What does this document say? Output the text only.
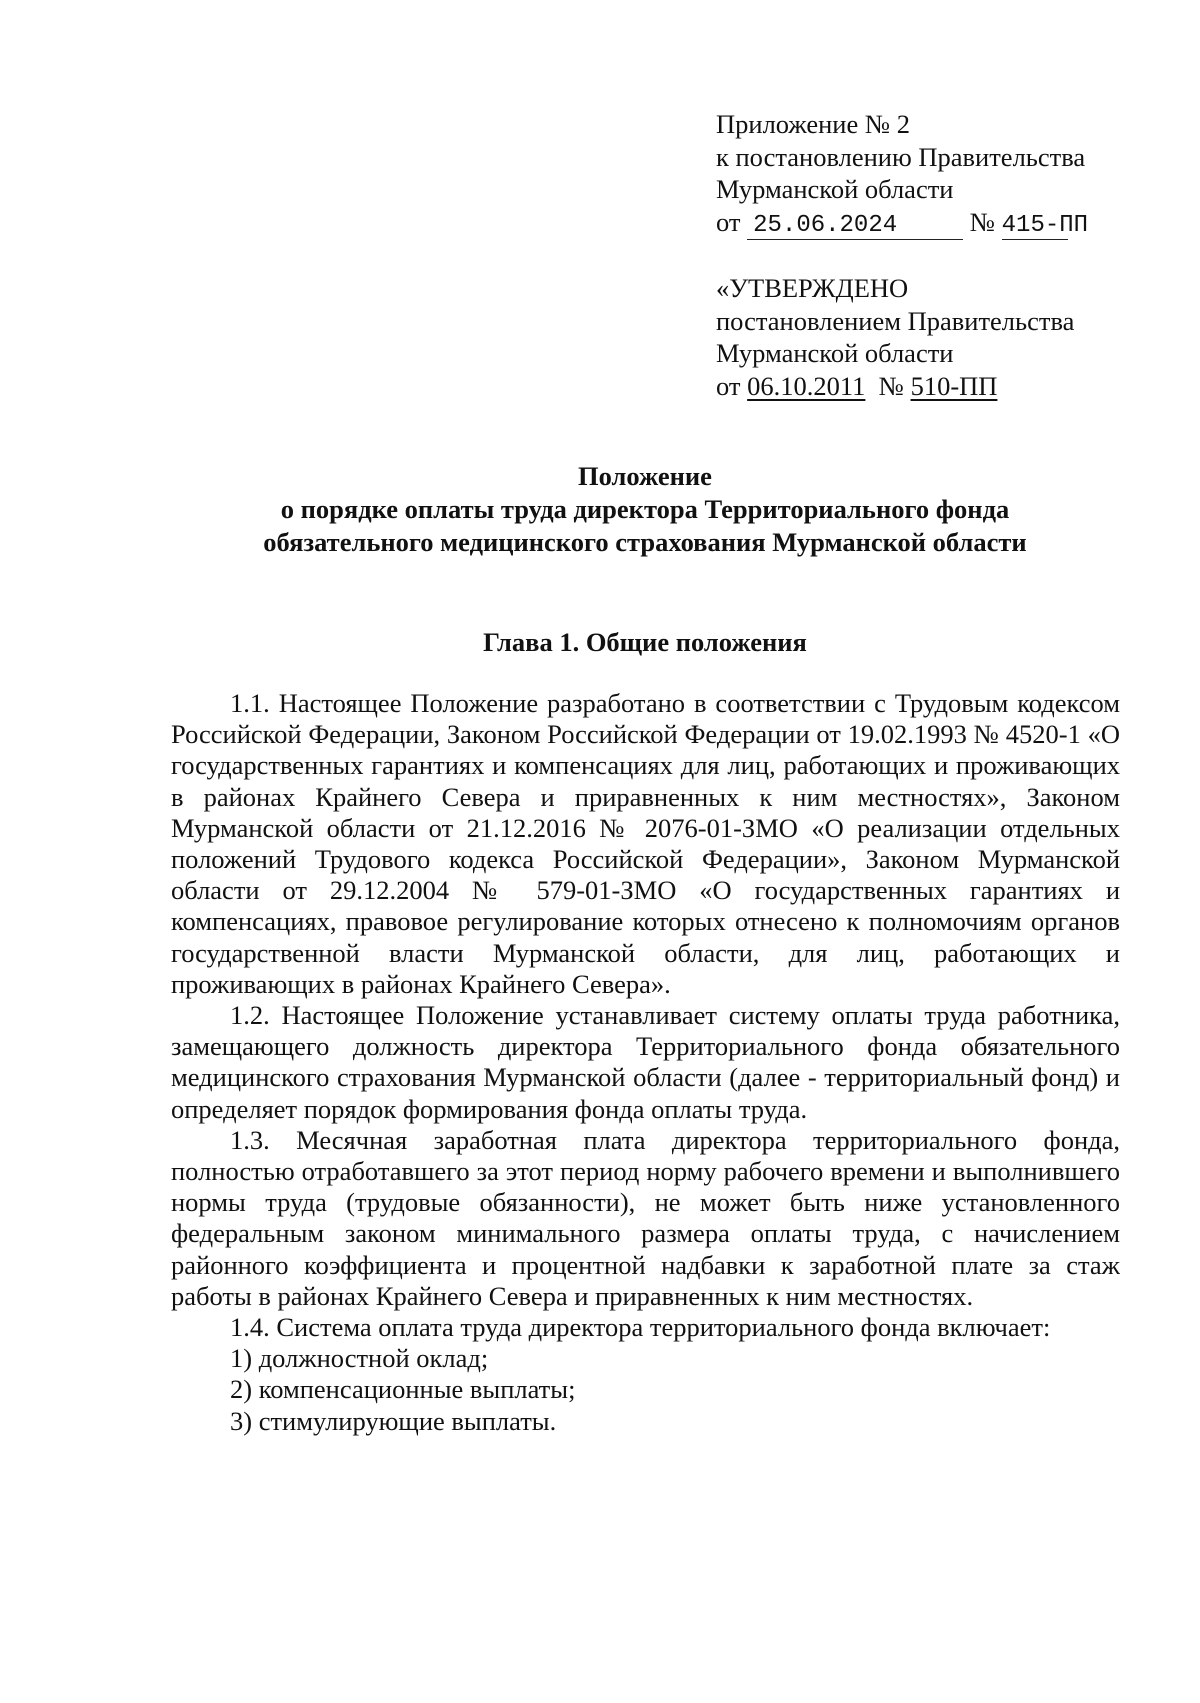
Приложение № 2
к постановлению Правительства
Мурманской области
от 25.06.2024	№ 415-ПП
«УТВЕРЖДЕНО
постановлением Правительства
Мурманской области
от 06.10.2011 № 510-ПП
Положение
о порядке оплаты труда директора Территориального фонда
обязательного медицинского страхования Мурманской области
Глава 1. Общие положения

1.1. Настоящее Положение разработано в соответствии с Трудовым кодексом Российской Федерации, Законом Российской Федерации от 19.02.1993 № 4520-1 «О государственных гарантиях и компенсациях для лиц, работающих и проживающих в районах Крайнего Севера и приравненных к ним местностях», Законом Мурманской области от 21.12.2016 № 2076-01-ЗМО «О реализации отдельных положений Трудового кодекса Российской Федерации», Законом Мурманской области от 29.12.2004 № 579-01-ЗМО «О государственных гарантиях и компенсациях, правовое регулирование которых отнесено к полномочиям органов государственной власти Мурманской области, для лиц, работающих и проживающих в районах Крайнего Севера».

1.2. Настоящее Положение устанавливает систему оплаты труда работника, замещающего должность директора Территориального фонда обязательного медицинского страхования Мурманской области (далее - территориальный фонд) и определяет порядок формирования фонда оплаты труда.

1.3. Месячная заработная плата директора территориального фонда, полностью отработавшего за этот период норму рабочего времени и выполнившего нормы труда (трудовые обязанности), не может быть ниже установленного федеральным законом минимального размера оплаты труда, с начислением районного коэффициента и процентной надбавки к заработной плате за стаж работы в районах Крайнего Севера и приравненных к ним местностях.

1.4. Система оплата труда директора территориального фонда включает:

1) должностной оклад;

2) компенсационные выплаты;

3) стимулирующие выплаты.
